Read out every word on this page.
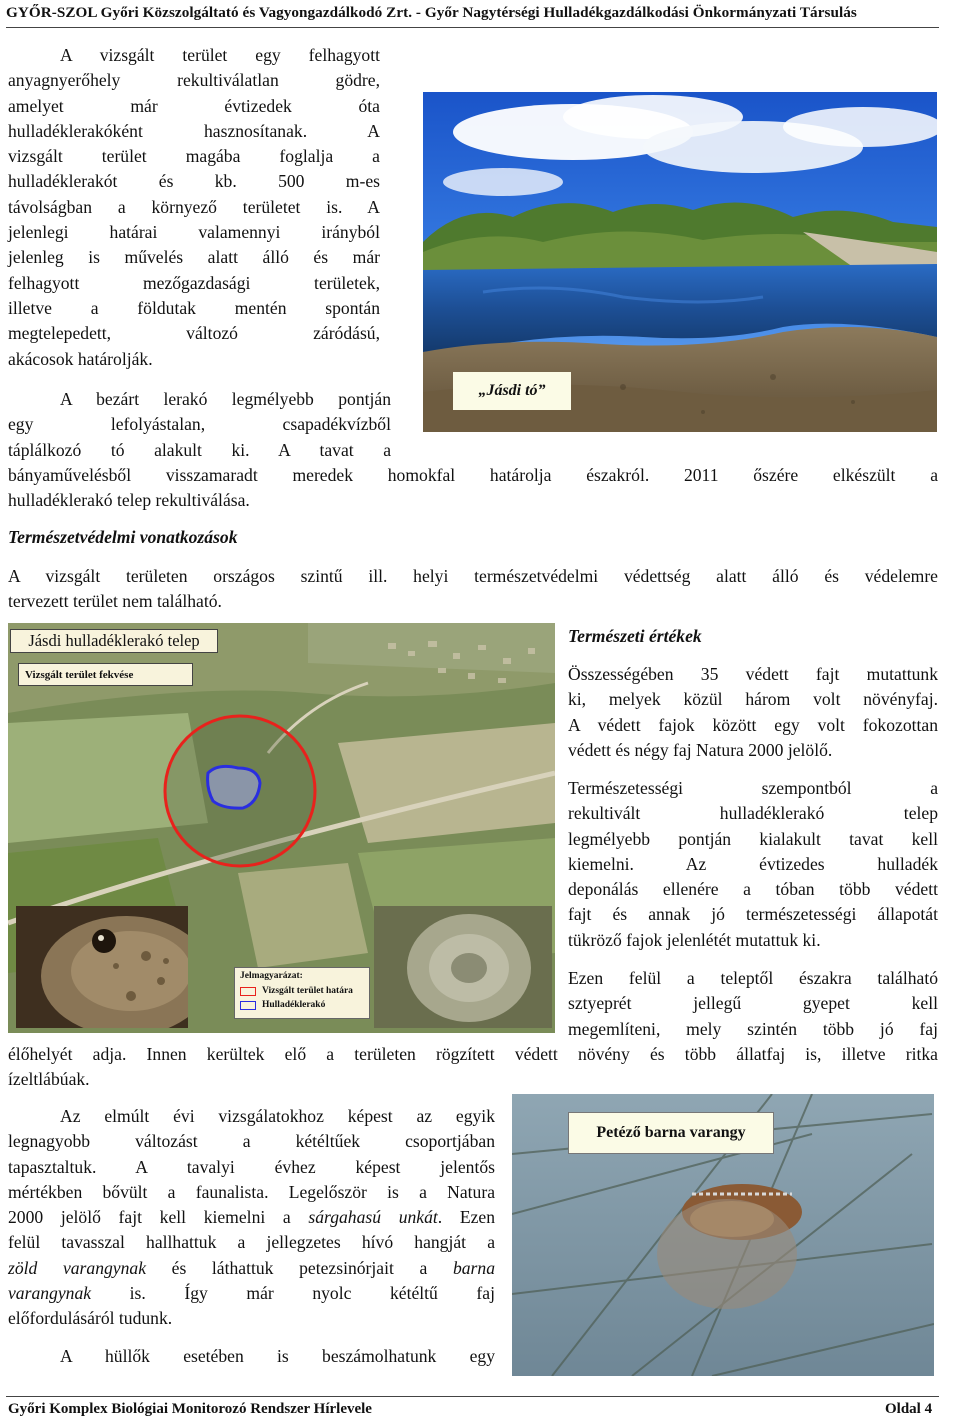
GYŐR-SZOL Győri Közszolgáltató és Vagyongazdálkodó Zrt. - Győr Nagytérségi Hulladékgazdálkodási Önkormányzati Társulás

A vizsgált terület egy felhagyott

anyagnyerőhely rekultiválatlan gödre,

amelyet már évtizedek óta

hulladéklerakóként hasznosítanak. A

vizsgált terület magába foglalja a

hulladéklerakót és kb. 500 m-es

távolságban a környező területet is. A

jelenlegi határai valamennyi irányból

jelenleg is művelés alatt álló és már

felhagyott mezőgazdasági területek,

illetve a földutak mentén spontán

megtelepedett, változó záródású,

akácosok határolják.

A bezárt lerakó legmélyebb pontján

egy lefolyástalan, csapadékvízből

táplálkozó tó alakult ki. A tavat a

bányaművelésből visszamaradt meredek homokfal határolja északról. 2011 őszére elkészült a

hulladéklerakó telep rekultiválása.

„Jásdi tó”
Természetvédelmi vonatkozások

A vizsgált területen országos szintű ill. helyi természetvédelmi védettség alatt álló és védelemre

tervezett terület nem található.

Jásdi hulladéklerakó telep
Vizsgált terület fekvése
Jelmagyarázat:
Vizsgált terület határa
Hulladéklerakó
Természeti értékek

Összességében 35 védett fajt mutattunk

ki, melyek közül három volt növényfaj.

A védett fajok között egy volt fokozottan

védett és négy faj Natura 2000 jelölő.

Természetességi szempontból a

rekultivált hulladéklerakó telep

legmélyebb pontján kialakult tavat kell

kiemelni. Az évtizedes hulladék

deponálás ellenére a tóban több védett

fajt és annak jó természetességi állapotát

tükröző fajok jelenlétét mutattuk ki.

Ezen felül a teleptől északra található

sztyeprét jellegű gyepet kell

megemlíteni, mely szintén több jó faj

élőhelyét adja. Innen kerültek elő a területen rögzített védett növény és több állatfaj is, illetve ritka

ízeltlábúak.

Az elmúlt évi vizsgálatokhoz képest az egyik

legnagyobb változást a kétéltűek csoportjában

tapasztaltuk. A tavalyi évhez képest jelentős

mértékben bővült a faunalista. Legelőször is a Natura

2000 jelölő fajt kell kiemelni a sárgahasú unkát. Ezen

felül tavasszal hallhattuk a jellegzetes hívó hangját a

zöld varangynak és láthattuk petezsinórjait a barna

varangynak is. Így már nyolc kétéltű faj

előfordulásáról tudunk.

A hüllők esetében is beszámolhatunk egy

Petéző barna varangy
Győri Komplex Biológiai Monitorozó Rendszer Hírlevele	Oldal 4
